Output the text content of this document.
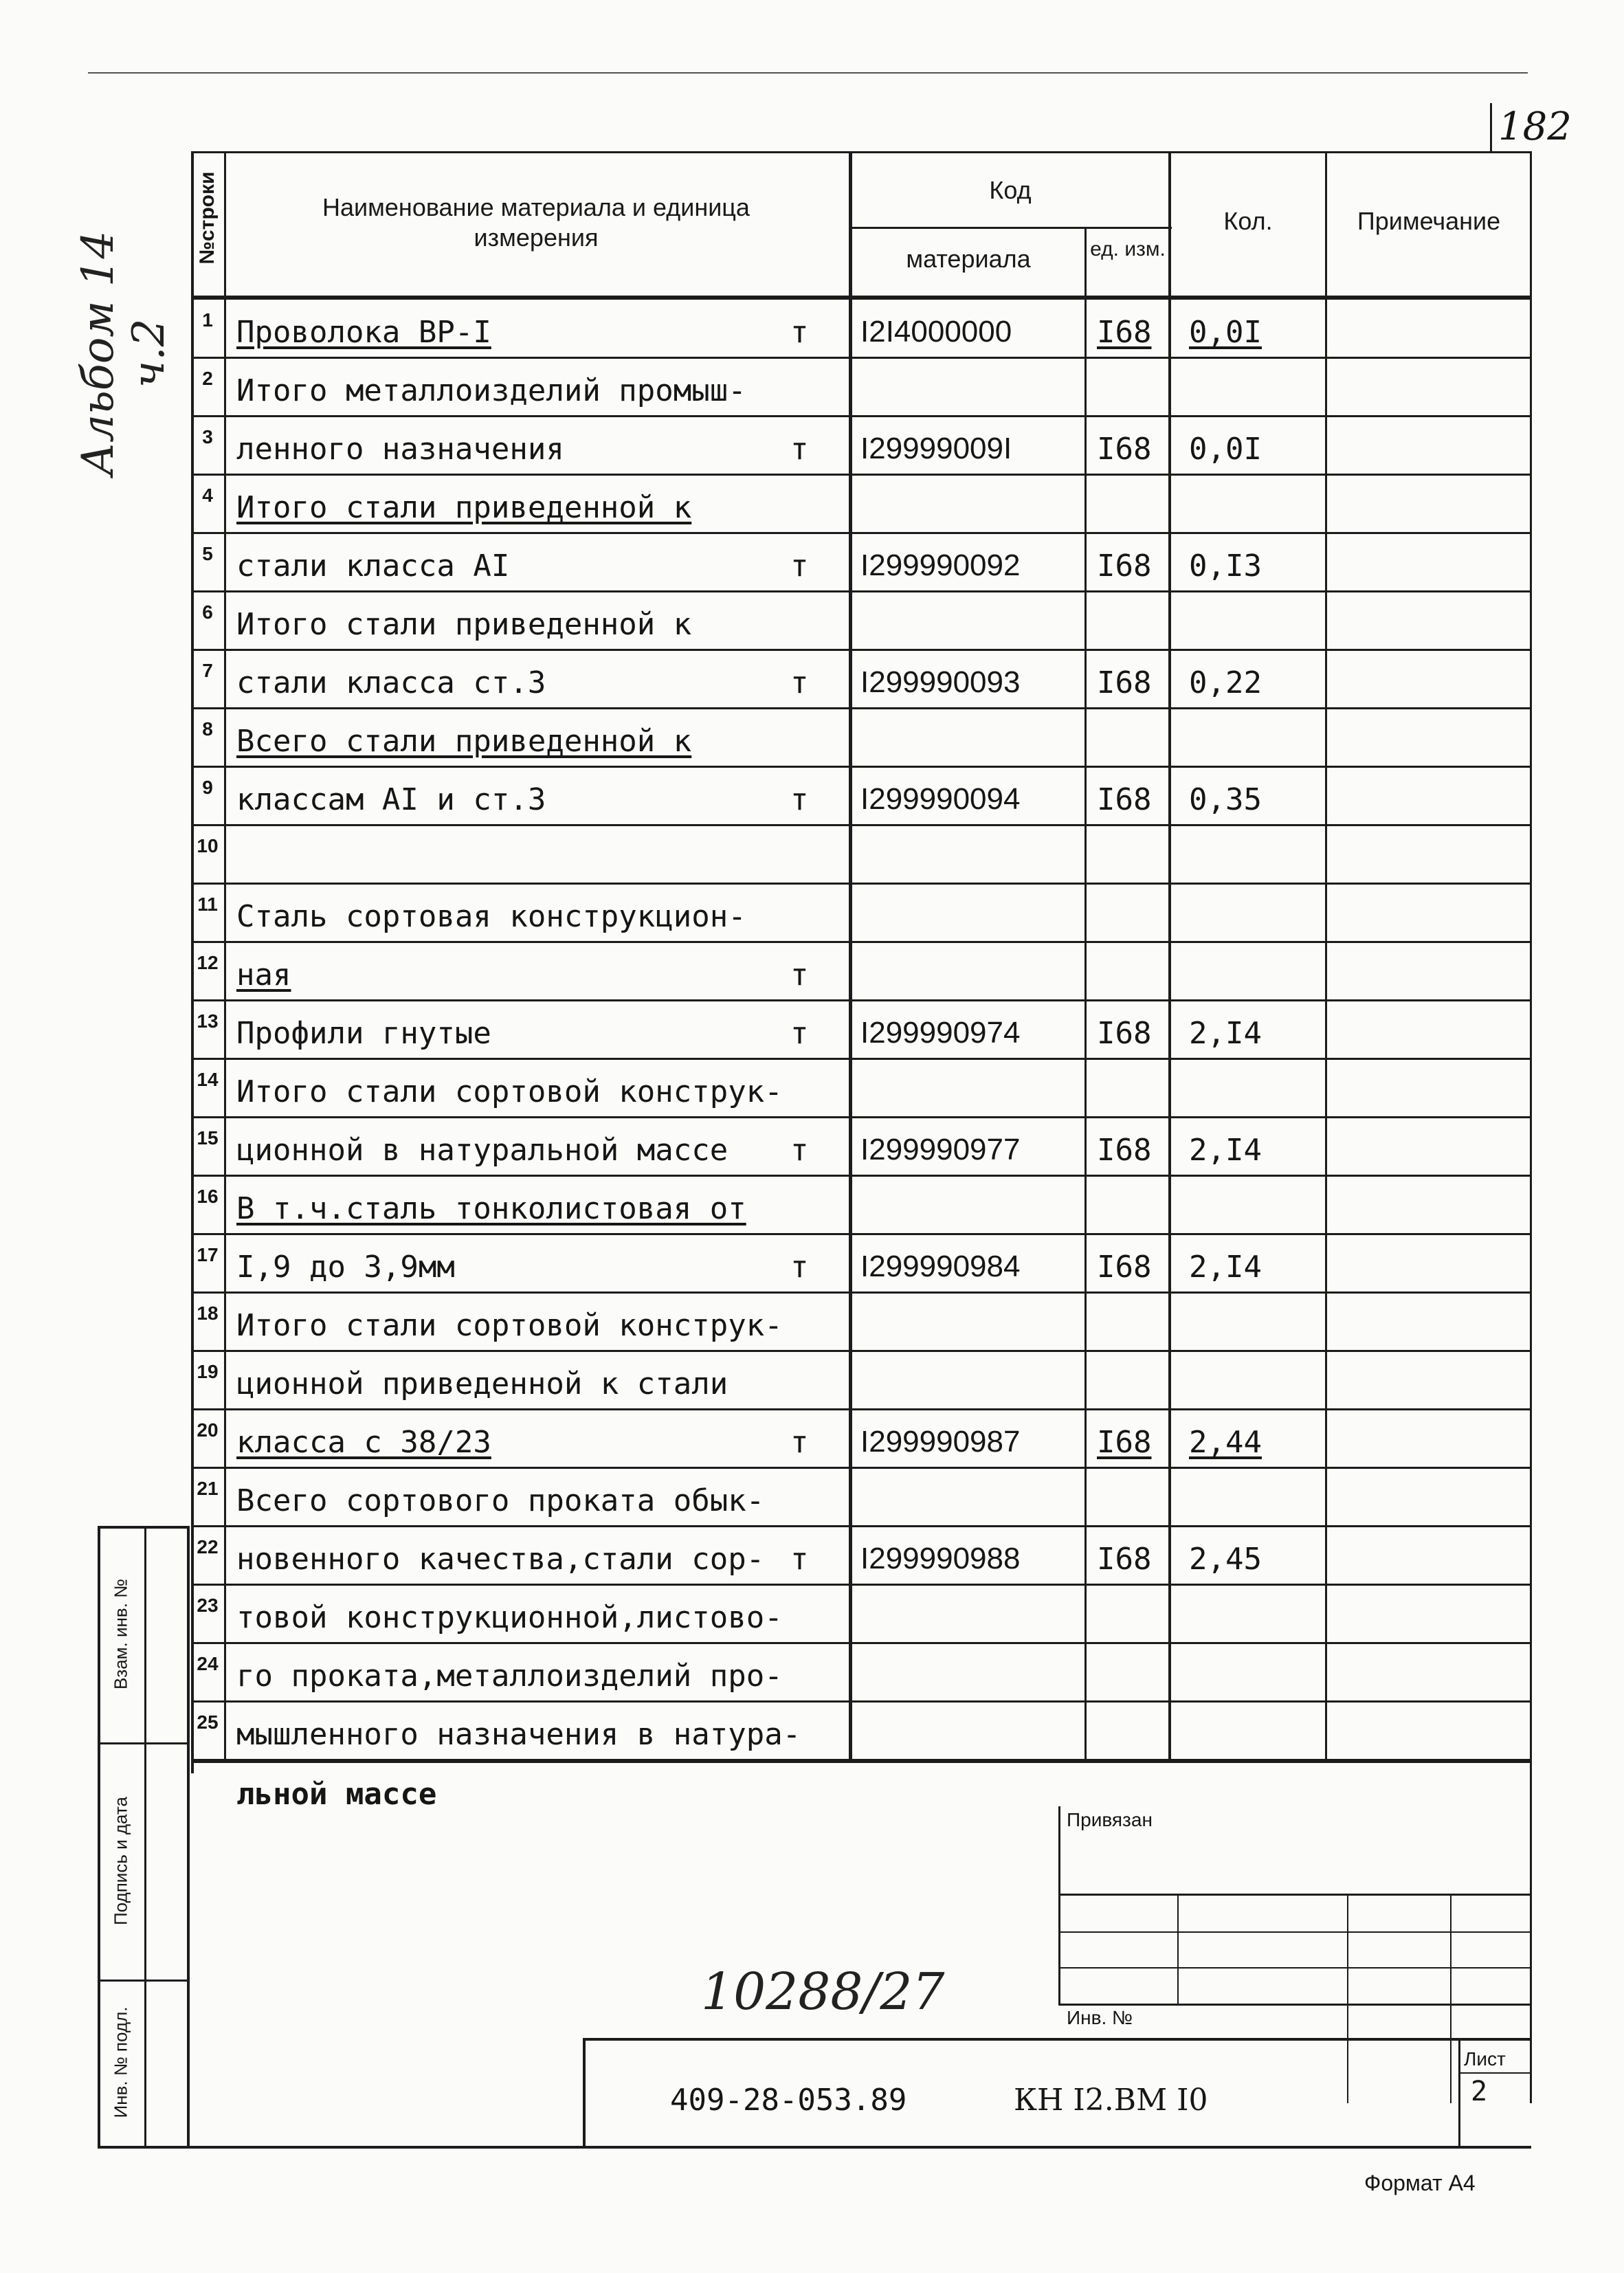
182
Альбом 14 ч.2
Наименование материала и единица измерения
Код
материала	ед. изм.
Кол.	Примечание
№строки
1 Проволока ВР-I	т I2I4000000	I68 0,0I
2 Итого металлоизделий промыш-
3 ленного назначения	т I29999009I	I68 0,0I
4 Итого стали приведенной к
5 стали класса АI	т I299990092	I68 0,I3
6 Итого стали приведенной к
7 стали класса ст.3	т I299990093	I68 0,22
8 Всего стали приведенной к
9 классам АI и ст.3	т I299990094	I68 0,35
10
11 Сталь сортовая конструкцион-
12 ная	т
13 Профили гнутые	т I299990974	I68 2,I4
14 Итого стали сортовой конструк-
15 ционной в натуральной массе т I299990977	I68 2,I4
16 В т.ч.сталь тонколистовая от
17 I,9 до 3,9мм	т I299990984	I68 2,I4
18 Итого стали сортовой конструк-
19 ционной приведенной к стали
20 класса с 38/23	т I299990987	I68 2,44
21 Всего сортового проката обык-
22 новенного качества,стали сор- т I299990988	I68 2,45
23 товой конструкционной,листово-
24 го проката,металлоизделий про-
25 мышленного назначения в натура-
льной массе
Привязан
Инв. №
10288/27
Лист
2
409-28-053.89	КН I2.ВМ I0
Формат А4
Взам. инв. №
Подпись и дата
Инв. № подл.
